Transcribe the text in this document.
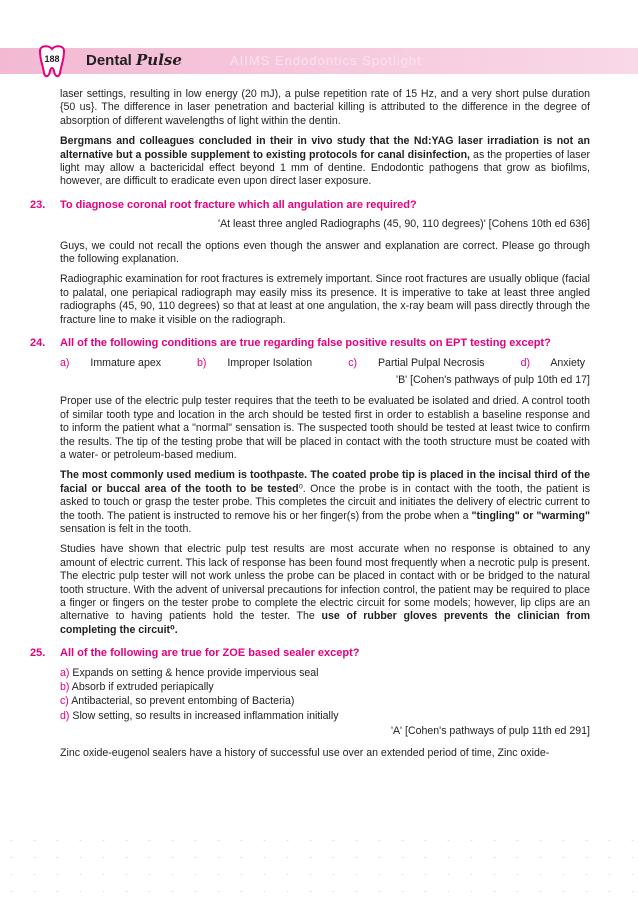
AIIMS Endodontics Spotlight
188	Dental Pulse

laser settings, resulting in low energy (20 mJ), a pulse repetition rate of 15 Hz, and a very short pulse duration {50 us}. The difference in laser penetration and bacterial killing is attributed to the difference in the degree of absorption of different wavelengths of light within the dentin.

Bergmans and colleagues concluded in their in vivo study that the Nd:YAG laser irradiation is not an alternative but a possible supplement to existing protocols for canal disinfection, as the properties of laser light may allow a bactericidal effect beyond 1 mm of dentine. Endodontic pathogens that grow as biofilms, however, are difficult to eradicate even upon direct laser exposure.

23. To diagnose coronal root fracture which all angulation are required?
'At least three angled Radiographs (45, 90, 110 degrees)' [Cohens 10th ed 636]

Guys, we could not recall the options even though the answer and explanation are correct. Please go through the following explanation.

Radiographic examination for root fractures is extremely important. Since root fractures are usually oblique (facial to palatal, one periapical radiograph may easily miss its presence. It is imperative to take at least three angled radiographs (45, 90, 110 degrees) so that at least at one angulation, the x-ray beam will pass directly through the fracture line to make it visible on the radiograph.

24. All of the following conditions are true regarding false positive results on EPT testing except?
a) Immature apex	b) Improper Isolation	c) Partial Pulpal Necrosis	d) Anxiety
'B' [Cohen's pathways of pulp 10th ed 17]

Proper use of the electric pulp tester requires that the teeth to be evaluated be isolated and dried. A control tooth of similar tooth type and location in the arch should be tested first in order to establish a baseline response and to inform the patient what a "normal" sensation is. The suspected tooth should be tested at least twice to confirm the results. The tip of the testing probe that will be placed in contact with the tooth structure must be coated with a water- or petroleum-based medium.

The most commonly used medium is toothpaste. The coated probe tip is placed in the incisal third of the facial or buccal area of the tooth to be tested⁰. Once the probe is in contact with the tooth, the patient is asked to touch or grasp the tester probe. This completes the circuit and initiates the delivery of electric current to the tooth. The patient is instructed to remove his or her finger(s) from the probe when a "tingling" or "warming" sensation is felt in the tooth.

Studies have shown that electric pulp test results are most accurate when no response is obtained to any amount of electric current. This lack of response has been found most frequently when a necrotic pulp is present. The electric pulp tester will not work unless the probe can be placed in contact with or be bridged to the natural tooth structure. With the advent of universal precautions for infection control, the patient may be required to place a finger or fingers on the tester probe to complete the electric circuit for some models; however, lip clips are an alternative to having patients hold the tester. The use of rubber gloves prevents the clinician from completing the circuit⁰.

25. All of the following are true for ZOE based sealer except?
a) Expands on setting & hence provide impervious seal
b) Absorb if extruded periapically
c) Antibacterial, so prevent entombing of Bacteria)
d) Slow setting, so results in increased inflammation initially
'A' [Cohen's pathways of pulp 11th ed 291]

Zinc oxide-eugenol sealers have a history of successful use over an extended period of time, Zinc oxide-
